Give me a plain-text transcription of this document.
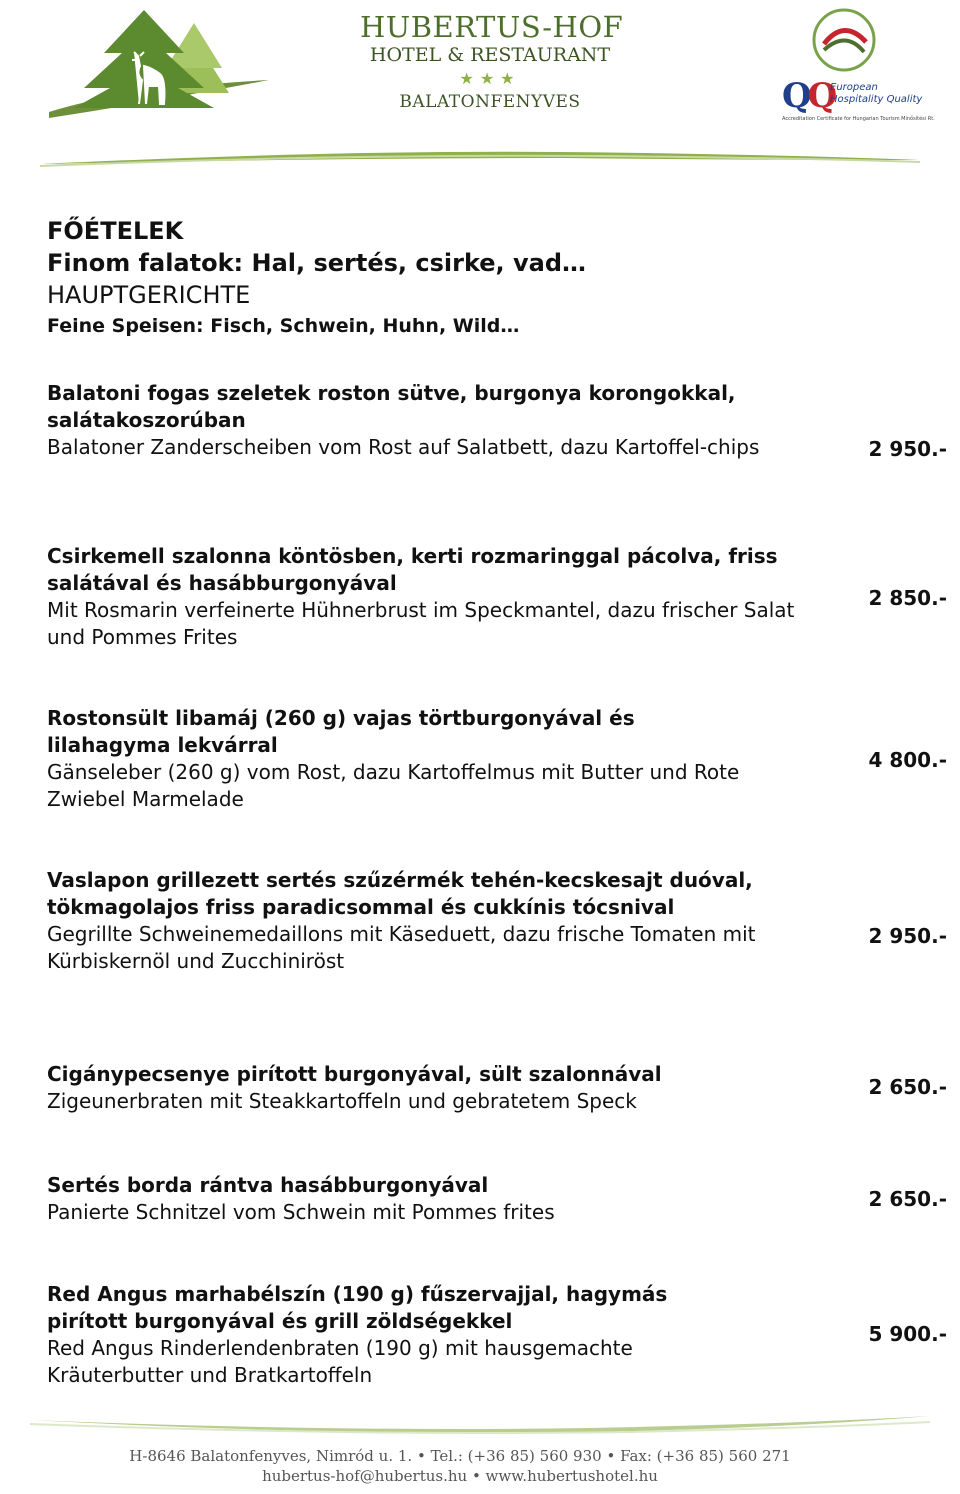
HUBERTUS-HOF
HOTEL & RESTAURANT
★★★
BALATONFENYVES	QQ
European
Hospitality Quality
Accreditation Certificate for Hungarian Tourism Minősítési Rt.
FŐÉTELEK
Finom falatok: Hal, sertés, csirke, vad…
HAUPTGERICHTE
Feine Speisen: Fisch, Schwein, Huhn, Wild…
Balatoni fogas szeletek roston sütve, burgonya korongokkal, salátakoszorúban
Balatoner Zanderscheiben vom Rost auf Salatbett, dazu Kartoffel-chips	2 950.-
Csirkemell szalonna köntösben, kerti rozmaringgal pácolva, friss salátával és hasábburgonyával
Mit Rosmarin verfeinerte Hühnerbrust im Speckmantel, dazu frischer Salat und Pommes Frites
2 850.-
Rostonsült libamáj (260 g) vajas törtburgonyával és lilahagyma lekvárral
Gänseleber (260 g) vom Rost, dazu Kartoffelmus mit Butter und Rote Zwiebel Marmelade
4 800.-
Vaslapon grillezett sertés szűzérmék tehén-kecskesajt duóval, tökmagolajos friss paradicsommal és cukkínis tócsnival
Gegrillte Schweinemedaillons mit Käseduett, dazu frische Tomaten mit Kürbiskernöl und Zucchiniröst
2 950.-
Cigánypecsenye pirított burgonyával, sült szalonnával
Zigeunerbraten mit Steakkartoffeln und gebratetem Speck
2 650.-
Sertés borda rántva hasábburgonyával
Panierte Schnitzel vom Schwein mit Pommes frites
2 650.-
Red Angus marhabélszín (190 g) fűszervajjal, hagymás pirított burgonyával és grill zöldségekkel
Red Angus Rinderlendenbraten (190 g) mit hausgemachte Kräuterbutter und Bratkartoffeln
5 900.-
H-8646 Balatonfenyves, Nimród u. 1. • Tel.: (+36 85) 560 930 • Fax: (+36 85) 560 271
hubertus-hof@hubertus.hu • www.hubertushotel.hu
